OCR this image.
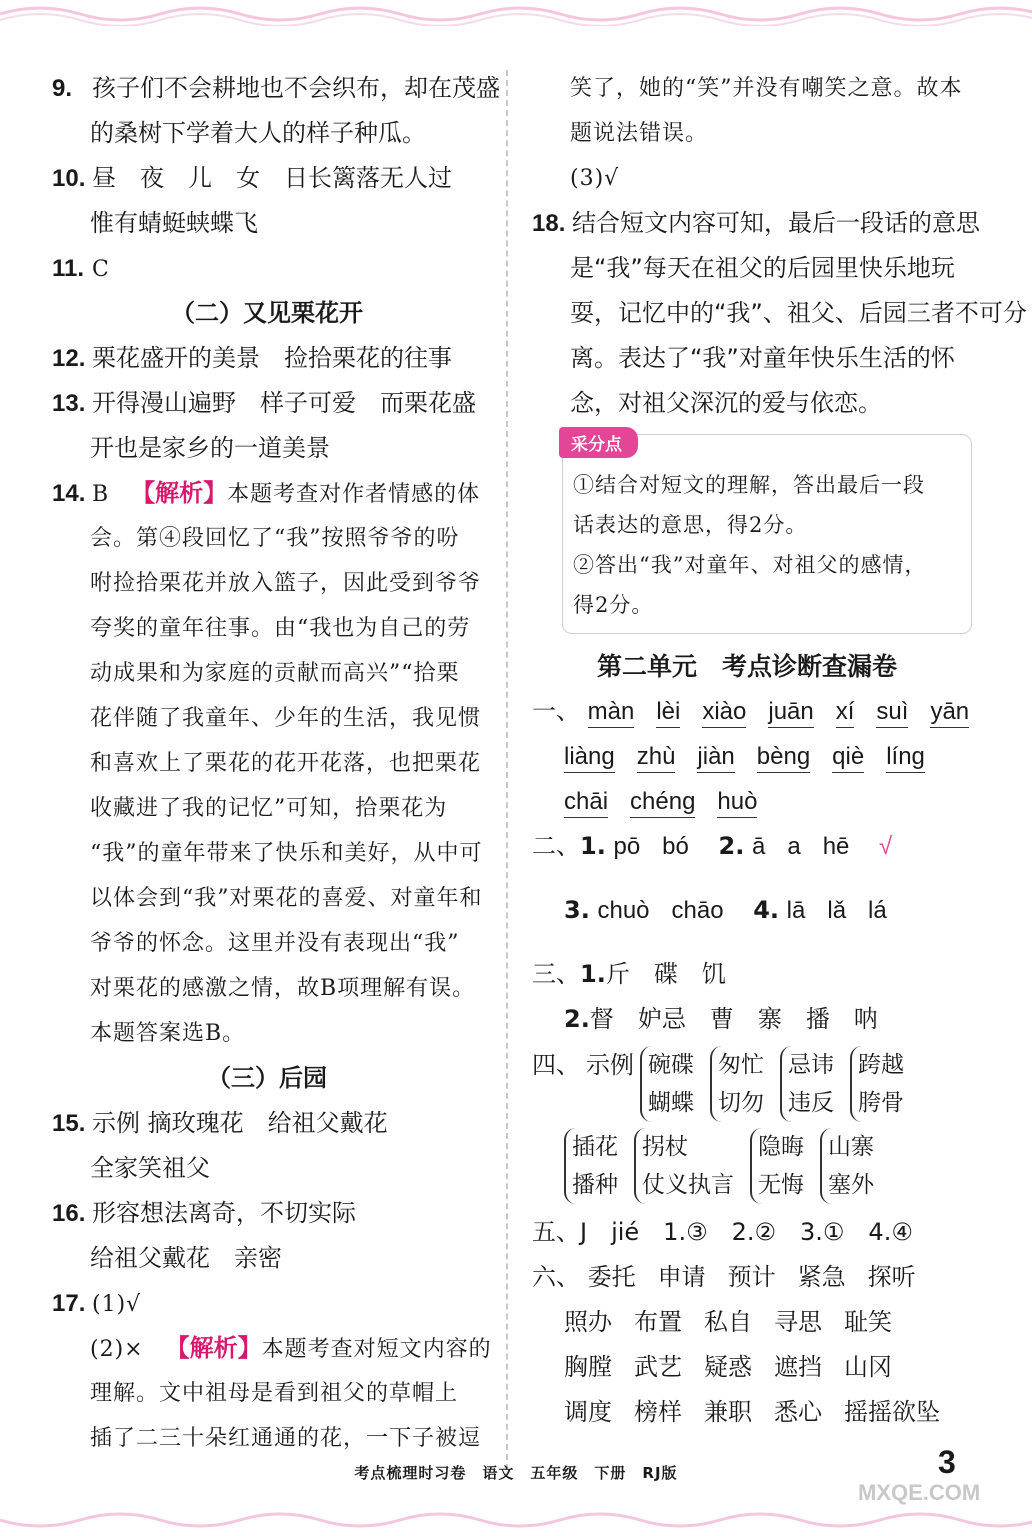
9. 孩子们不会耕地也不会织布，却在茂盛
的桑树下学着大人的样子种瓜。
10. 昼　夜　儿　女　日长篱落无人过
惟有蜻蜓蛱蝶飞
11. C
（二）又见栗花开
12. 栗花盛开的美景　捡拾栗花的往事
13. 开得漫山遍野　样子可爱　而栗花盛
开也是家乡的一道美景
14. B 【解析】本题考查对作者情感的体
会。第④段回忆了“我”按照爷爷的吩
咐捡拾栗花并放入篮子，因此受到爷爷
夸奖的童年往事。由“我也为自己的劳
动成果和为家庭的贡献而高兴”“拾栗
花伴随了我童年、少年的生活，我见惯
和喜欢上了栗花的花开花落，也把栗花
收藏进了我的记忆”可知，拾栗花为
“我”的童年带来了快乐和美好，从中可
以体会到“我”对栗花的喜爱、对童年和
爷爷的怀念。这里并没有表现出“我”
对栗花的感激之情，故B项理解有误。
本题答案选B。
（三）后园
15. 示例 摘玫瑰花　给祖父戴花
全家笑祖父
16. 形容想法离奇，不切实际
给祖父戴花　亲密
17. (1)√
(2)× 【解析】本题考查对短文内容的
理解。文中祖母是看到祖父的草帽上
插了二三十朵红通通的花，一下子被逗
笑了，她的“笑”并没有嘲笑之意。故本
题说法错误。
(3)√
18. 结合短文内容可知，最后一段话的意思
是“我”每天在祖父的后园里快乐地玩
耍，记忆中的“我”、祖父、后园三者不可分
离。表达了“我”对童年快乐生活的怀
念，对祖父深沉的爱与依恋。
采分点
①结合对短文的理解，答出最后一段
话表达的意思，得2分。
②答出“我”对童年、对祖父的感情，
得2分。
第二单元　考点诊断查漏卷
一、 màn lèi xiào juān xí suì yān
liàng zhù jiàn bèng qiè líng
chāi chéng huò
二、1. pō bó 2. ā a hē √
3. chuò chāo 4. lā lǎ lá
三、1.斤　碟　饥
2.督　妒忌　曹　寨　播　呐
四、 示例 碗碟
蝴蝶
匆忙
切勿
忌讳
违反
跨越
胯骨
插花
播种
拐杖
仗义执言
隐晦
无悔
山寨
塞外
五、J　jié　1.③　2.②　3.①　4.④
六、 委托 申请 预计 紧急 探听
照办 布置 私自 寻思 耻笑
胸膛 武艺 疑惑 遮挡 山冈
调度 榜样 兼职 悉心 摇摇欲坠
考点梳理时习卷　语文　五年级　下册　RJ版	3
MXQE.COM
